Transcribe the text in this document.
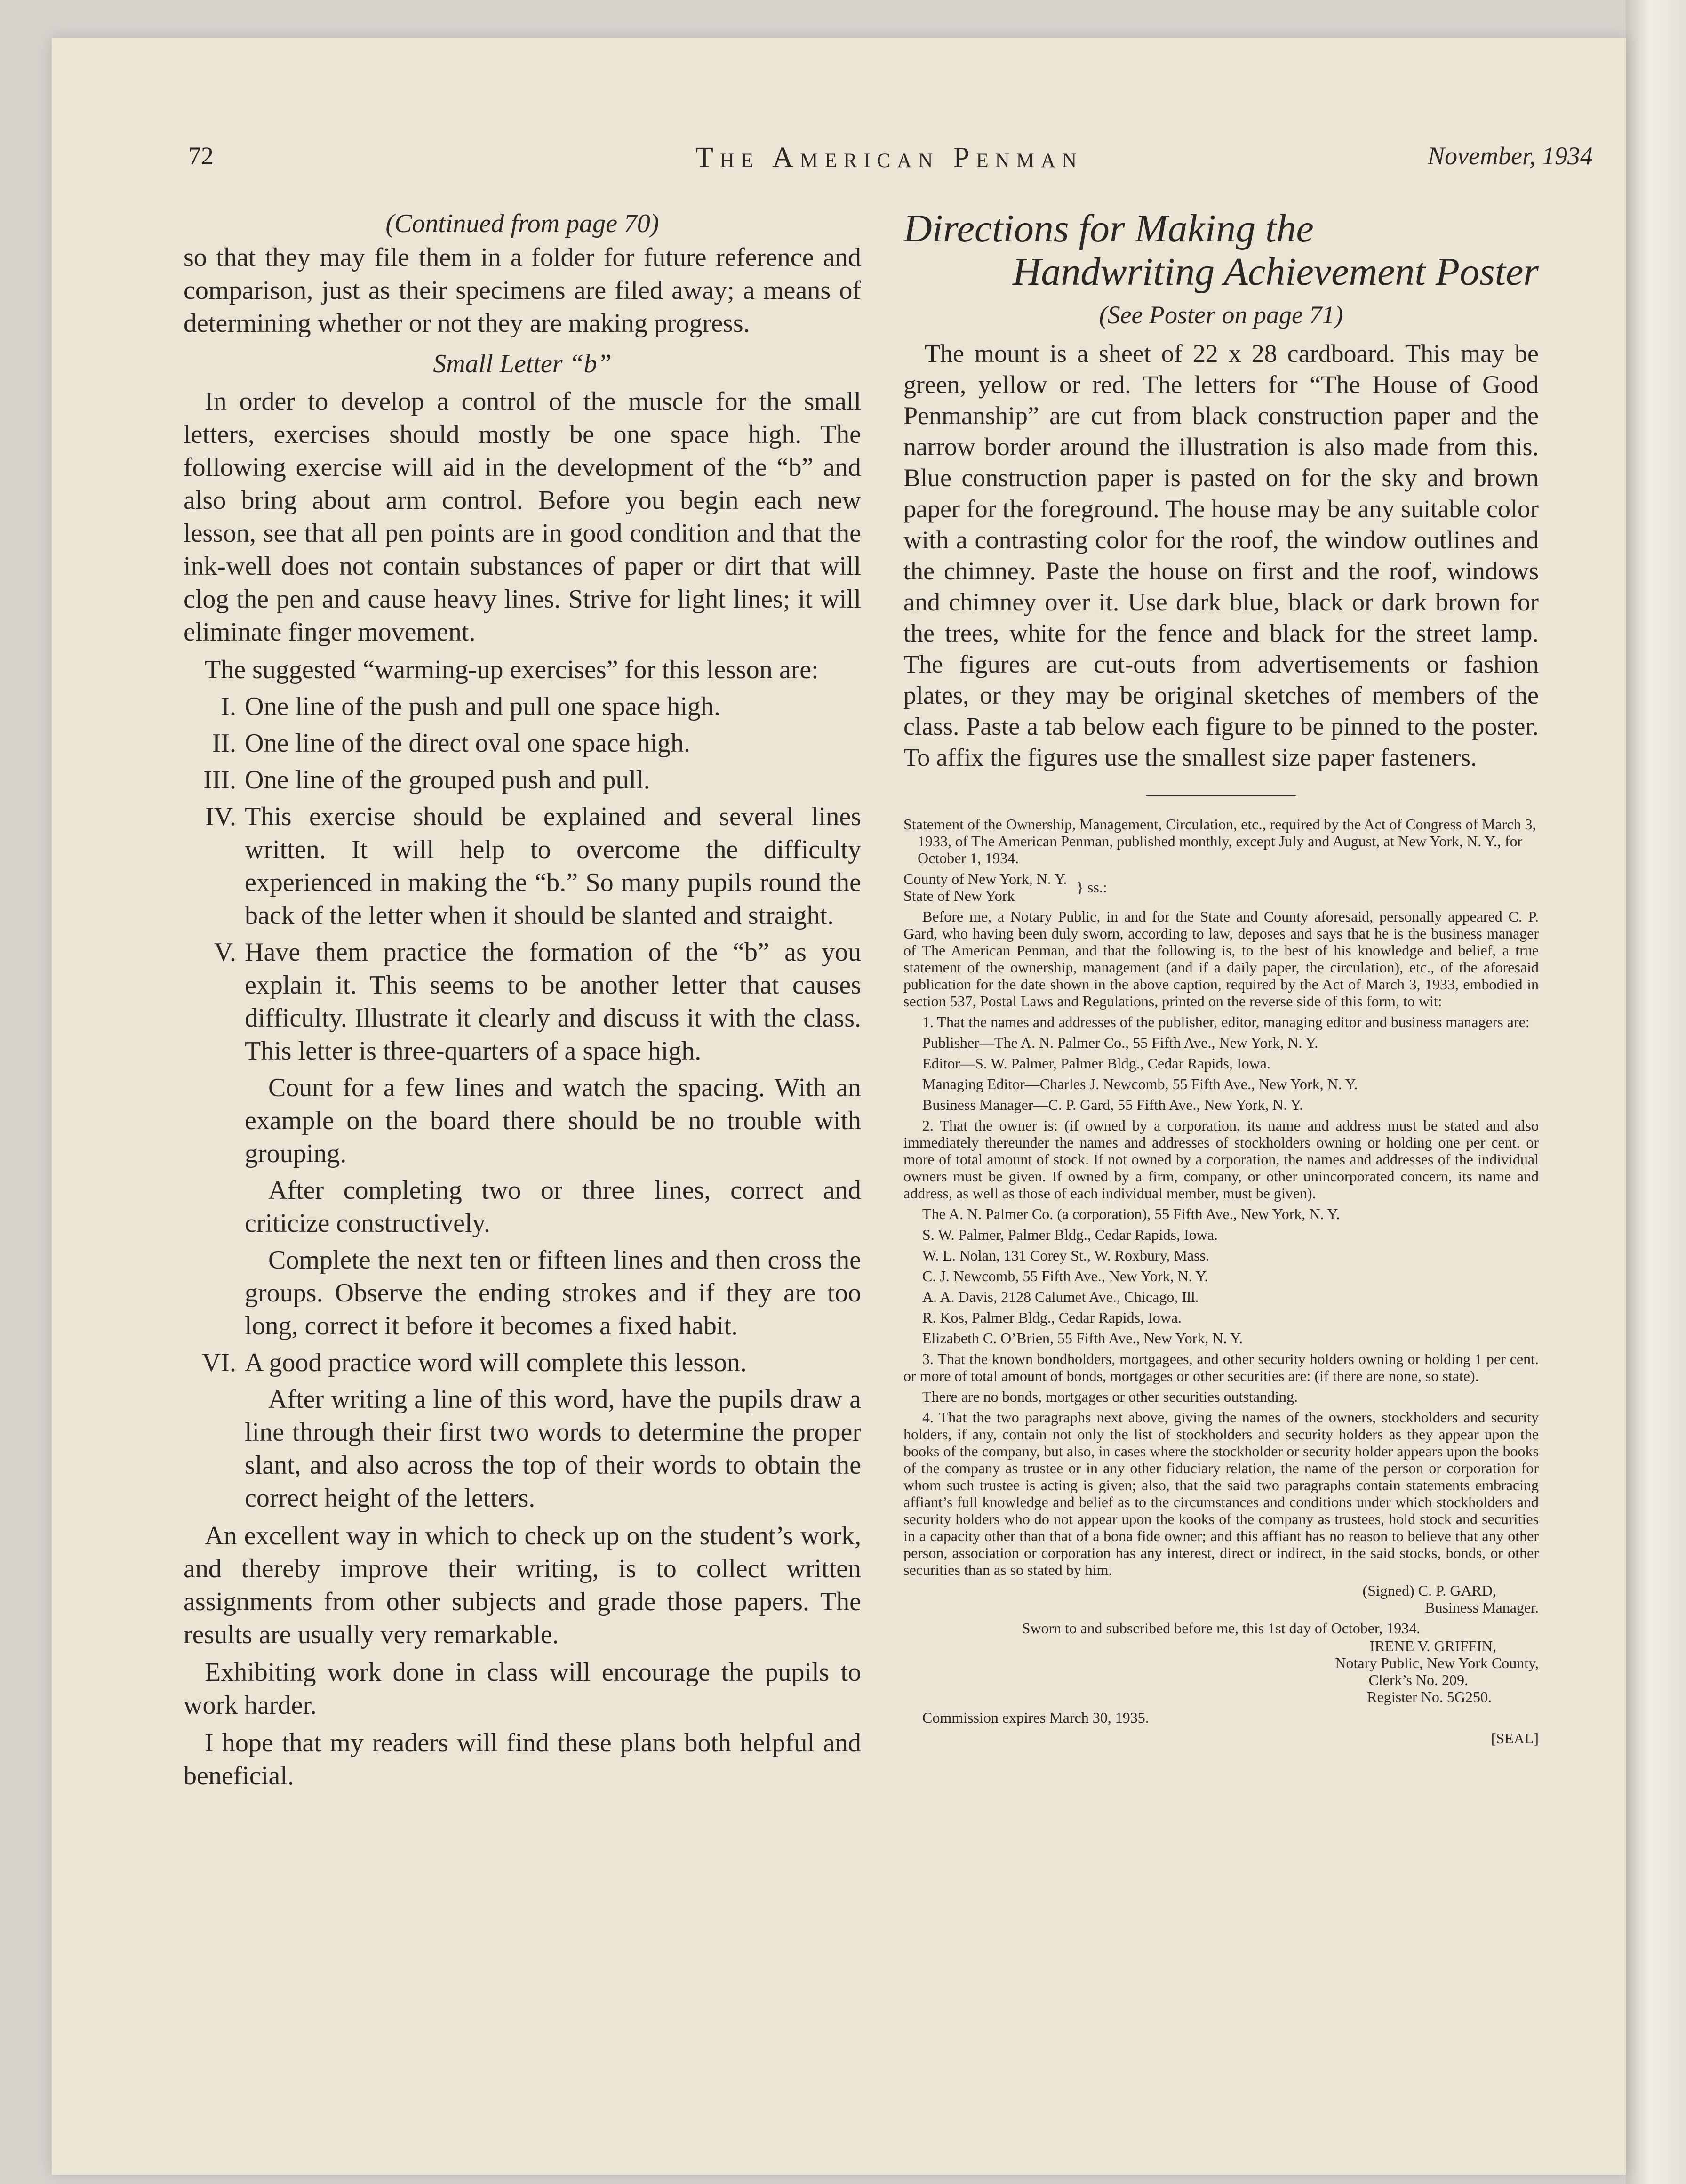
72	The American Penman	November, 1934

(Continued from page 70)

so that they may file them in a folder for future reference and comparison, just as their specimens are filed away; a means of determining whether or not they are making progress.

Small Letter “b”

In order to develop a control of the muscle for the small letters, exercises should mostly be one space high. The following exercise will aid in the development of the “b” and also bring about arm control. Before you begin each new lesson, see that all pen points are in good condition and that the ink-well does not contain substances of paper or dirt that will clog the pen and cause heavy lines. Strive for light lines; it will eliminate finger movement.

The suggested “warming-up exercises” for this lesson are:

I. One line of the push and pull one space high.
II. One line of the direct oval one space high.
III. One line of the grouped push and pull.
IV. This exercise should be explained and several lines written. It will help to overcome the difficulty experienced in making the “b.” So many pupils round the back of the letter when it should be slanted and straight.
V. Have them practice the formation of the “b” as you explain it. This seems to be another letter that causes difficulty. Illustrate it clearly and discuss it with the class. This letter is three-quarters of a space high.

Count for a few lines and watch the spacing. With an example on the board there should be no trouble with grouping.

After completing two or three lines, correct and criticize constructively.

Complete the next ten or fifteen lines and then cross the groups. Observe the ending strokes and if they are too long, correct it before it becomes a fixed habit.

VI. A good practice word will complete this lesson.

After writing a line of this word, have the pupils draw a line through their first two words to determine the proper slant, and also across the top of their words to obtain the correct height of the letters.

An excellent way in which to check up on the student’s work, and thereby improve their writing, is to collect written assignments from other subjects and grade those papers. The results are usually very remarkable.

Exhibiting work done in class will encourage the pupils to work harder.

I hope that my readers will find these plans both helpful and beneficial.

Directions for Making the
Handwriting Achievement Poster

(See Poster on page 71)

The mount is a sheet of 22 x 28 cardboard. This may be green, yellow or red. The letters for “The House of Good Penmanship” are cut from black construction paper and the narrow border around the illustration is also made from this. Blue construction paper is pasted on for the sky and brown paper for the foreground. The house may be any suitable color with a contrasting color for the roof, the window outlines and the chimney. Paste the house on first and the roof, windows and chimney over it. Use dark blue, black or dark brown for the trees, white for the fence and black for the street lamp. The figures are cut-outs from advertisements or fashion plates, or they may be original sketches of members of the class. Paste a tab below each figure to be pinned to the poster. To affix the figures use the smallest size paper fasteners.

Statement of the Ownership, Management, Circulation, etc., required by the Act of Congress of March 3, 1933, of The American Penman, published monthly, except July and August, at New York, N. Y., for October 1, 1934.

County of New York, N. Y.
State of New York	} ss.:

Before me, a Notary Public, in and for the State and County aforesaid, personally appeared C. P. Gard, who having been duly sworn, according to law, deposes and says that he is the business manager of The American Penman, and that the following is, to the best of his knowledge and belief, a true statement of the ownership, management (and if a daily paper, the circulation), etc., of the aforesaid publication for the date shown in the above caption, required by the Act of March 3, 1933, embodied in section 537, Postal Laws and Regulations, printed on the reverse side of this form, to wit:

1. That the names and addresses of the publisher, editor, managing editor and business managers are:

Publisher—The A. N. Palmer Co., 55 Fifth Ave., New York, N. Y.

Editor—S. W. Palmer, Palmer Bldg., Cedar Rapids, Iowa.

Managing Editor—Charles J. Newcomb, 55 Fifth Ave., New York, N. Y.

Business Manager—C. P. Gard, 55 Fifth Ave., New York, N. Y.

2. That the owner is: (if owned by a corporation, its name and address must be stated and also immediately thereunder the names and addresses of stockholders owning or holding one per cent. or more of total amount of stock. If not owned by a corporation, the names and addresses of the individual owners must be given. If owned by a firm, company, or other unincorporated concern, its name and address, as well as those of each individual member, must be given).

The A. N. Palmer Co. (a corporation), 55 Fifth Ave., New York, N. Y.

S. W. Palmer, Palmer Bldg., Cedar Rapids, Iowa.

W. L. Nolan, 131 Corey St., W. Roxbury, Mass.

C. J. Newcomb, 55 Fifth Ave., New York, N. Y.

A. A. Davis, 2128 Calumet Ave., Chicago, Ill.

R. Kos, Palmer Bldg., Cedar Rapids, Iowa.

Elizabeth C. O’Brien, 55 Fifth Ave., New York, N. Y.

3. That the known bondholders, mortgagees, and other security holders owning or holding 1 per cent. or more of total amount of bonds, mortgages or other securities are: (if there are none, so state).

There are no bonds, mortgages or other securities outstanding.

4. That the two paragraphs next above, giving the names of the owners, stockholders and security holders, if any, contain not only the list of stockholders and security holders as they appear upon the books of the company, but also, in cases where the stockholder or security holder appears upon the books of the company as trustee or in any other fiduciary relation, the name of the person or corporation for whom such trustee is acting is given; also, that the said two paragraphs contain statements embracing affiant’s full knowledge and belief as to the circumstances and conditions under which stockholders and security holders who do not appear upon the kooks of the company as trustees, hold stock and securities in a capacity other than that of a bona fide owner; and this affiant has no reason to believe that any other person, association or corporation has any interest, direct or indirect, in the said stocks, bonds, or other securities than as so stated by him.

(Signed) C. P. GARD,

Business Manager.

Sworn to and subscribed before me, this 1st day of October, 1934.

IRENE V. GRIFFIN,

Notary Public, New York County,

Clerk’s No. 209.

Register No. 5G250.

Commission expires March 30, 1935.

[SEAL]
